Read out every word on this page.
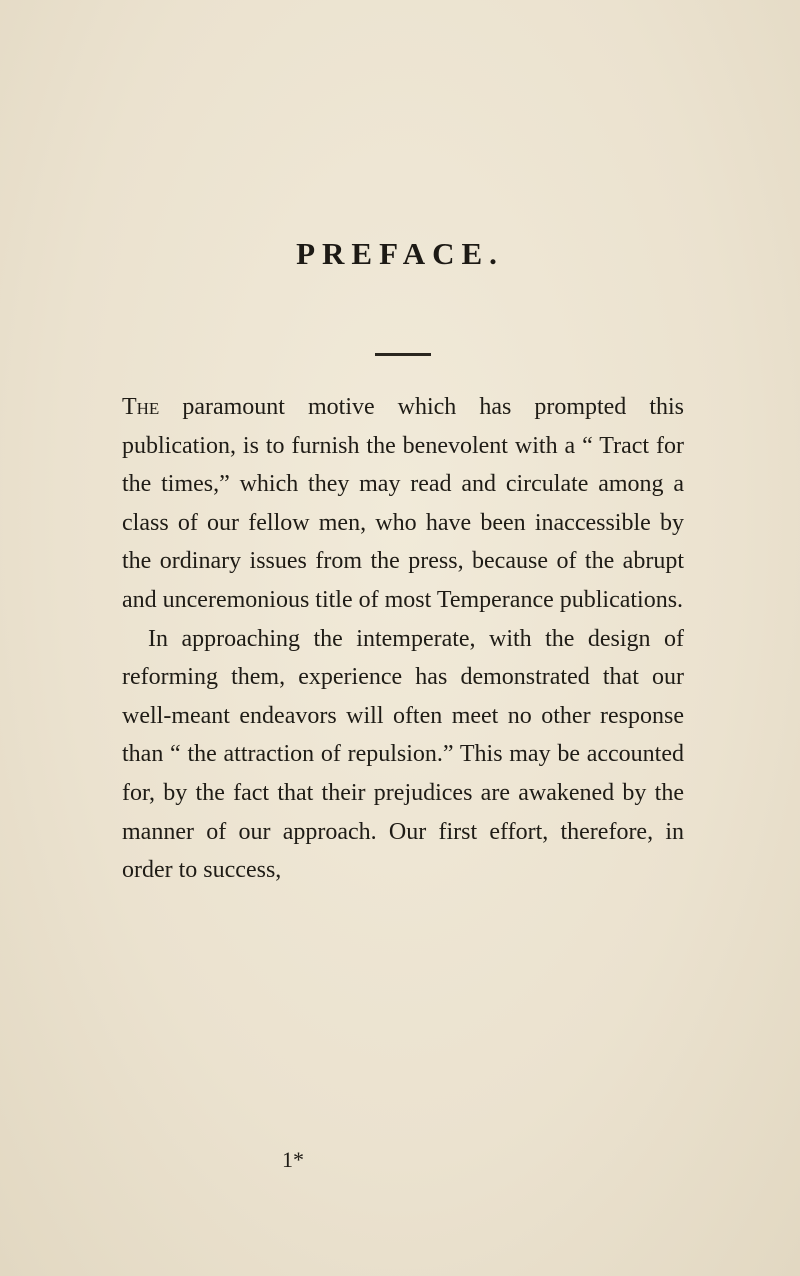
PREFACE.

The paramount motive which has prompted this publication, is to furnish the benevolent with a “ Tract for the times,” which they may read and circulate among a class of our fellow men, who have been inaccessible by the ordinary issues from the press, because of the abrupt and unceremonious title of most Temperance publications.

In approaching the intemperate, with the design of reforming them, experience has demonstrated that our well-meant endeavors will often meet no other response than “ the attraction of repulsion.” This may be accounted for, by the fact that their prejudices are awakened by the manner of our approach. Our first effort, therefore, in order to success,

1*
